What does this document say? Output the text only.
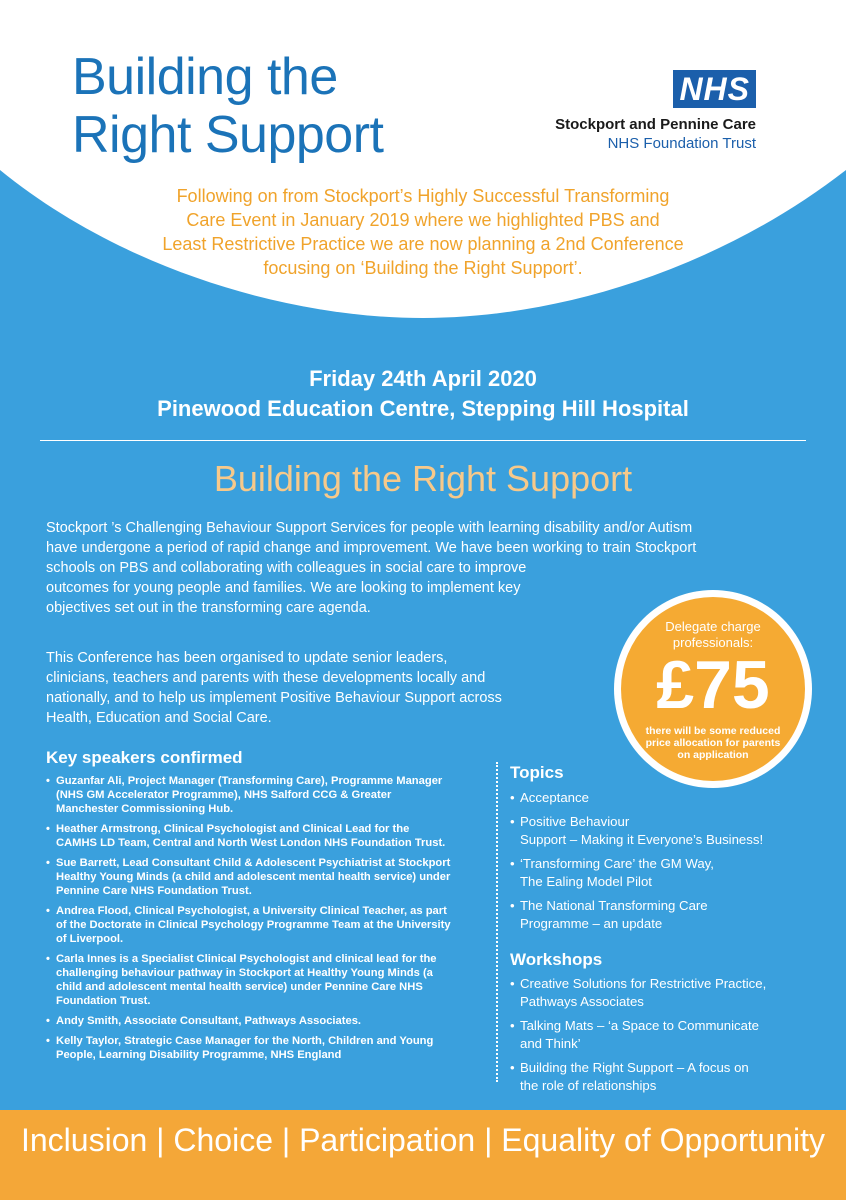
Building the
Right Support
NHS
Stockport and Pennine Care
NHS Foundation Trust

Following on from Stockport’s Highly Successful Transforming
Care Event in January 2019 where we highlighted PBS and
Least Restrictive Practice we are now planning a 2nd Conference
focusing on ‘Building the Right Support’.

Friday 24th April 2020
Pinewood Education Centre, Stepping Hill Hospital

Building the Right Support

Stockport ’s Challenging Behaviour Support Services for people with learning disability and/or Autism
have undergone a period of rapid change and improvement. We have been working to train Stockport
schools on PBS and collaborating with colleagues in social care to improve
outcomes for young people and families. We are looking to implement key
objectives set out in the transforming care agenda.

This Conference has been organised to update senior leaders,
clinicians, teachers and parents with these developments locally and
nationally, and to help us implement Positive Behaviour Support across
Health, Education and Social Care.

Delegate charge
professionals:
£75
there will be some reduced
price allocation for parents
on application
Key speakers confirmed
• Guzanfar Ali, Project Manager (Transforming Care), Programme Manager
(NHS GM Accelerator Programme), NHS Salford CCG & Greater
Manchester Commissioning Hub.
• Heather Armstrong, Clinical Psychologist and Clinical Lead for the
CAMHS LD Team, Central and North West London NHS Foundation Trust.
• Sue Barrett, Lead Consultant Child & Adolescent Psychiatrist at Stockport
Healthy Young Minds (a child and adolescent mental health service) under
Pennine Care NHS Foundation Trust.
• Andrea Flood, Clinical Psychologist, a University Clinical Teacher, as part
of the Doctorate in Clinical Psychology Programme Team at the University
of Liverpool.
• Carla Innes is a Specialist Clinical Psychologist and clinical lead for the
challenging behaviour pathway in Stockport at Healthy Young Minds (a
child and adolescent mental health service) under Pennine Care NHS
Foundation Trust.
• Andy Smith, Associate Consultant, Pathways Associates.
• Kelly Taylor, Strategic Case Manager for the North, Children and Young
People, Learning Disability Programme, NHS England
Topics
• Acceptance
• Positive Behaviour
Support – Making it Everyone’s Business!
• ‘Transforming Care’ the GM Way,
The Ealing Model Pilot
• The National Transforming Care
Programme – an update
Workshops
• Creative Solutions for Restrictive Practice,
Pathways Associates
• Talking Mats – ‘a Space to Communicate
and Think’
• Building the Right Support – A focus on
the role of relationships

Inclusion | Choice | Participation | Equality of Opportunity
